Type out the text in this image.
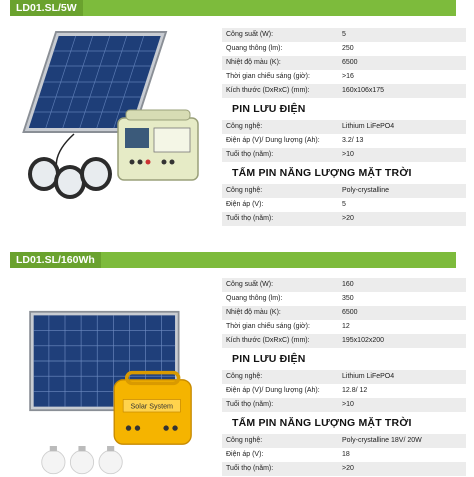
LD01.SL/5W
Công suất (W):	5
Quang thông (lm):	250
Nhiệt độ màu (K):	6500
Thời gian chiếu sáng (giờ):	>16
Kích thước (DxRxC) (mm):	160x106x175
PIN LƯU ĐIỆN
Công nghệ:	Lithium LiFePO4
Điện áp (V)/ Dung lượng (Ah):	3.2/ 13
Tuổi thọ (năm):	>10
TẤM PIN NĂNG LƯỢNG MẶT TRỜI
Công nghệ:	Poly-crystalline
Điện áp (V):	5
Tuổi thọ (năm):	>20
LD01.SL/160Wh
Solar System
Công suất (W):	160
Quang thông (lm):	350
Nhiệt độ màu (K):	6500
Thời gian chiếu sáng (giờ):	12
Kích thước (DxRxC) (mm):	195x102x200
PIN LƯU ĐIỆN
Công nghệ:	Lithium LiFePO4
Điện áp (V)/ Dung lượng (Ah):	12.8/ 12
Tuổi thọ (năm):	>10
TẤM PIN NĂNG LƯỢNG MẶT TRỜI
Công nghệ:	Poly-crystalline 18V/ 20W
Điện áp (V):	18
Tuổi thọ (năm):	>20
